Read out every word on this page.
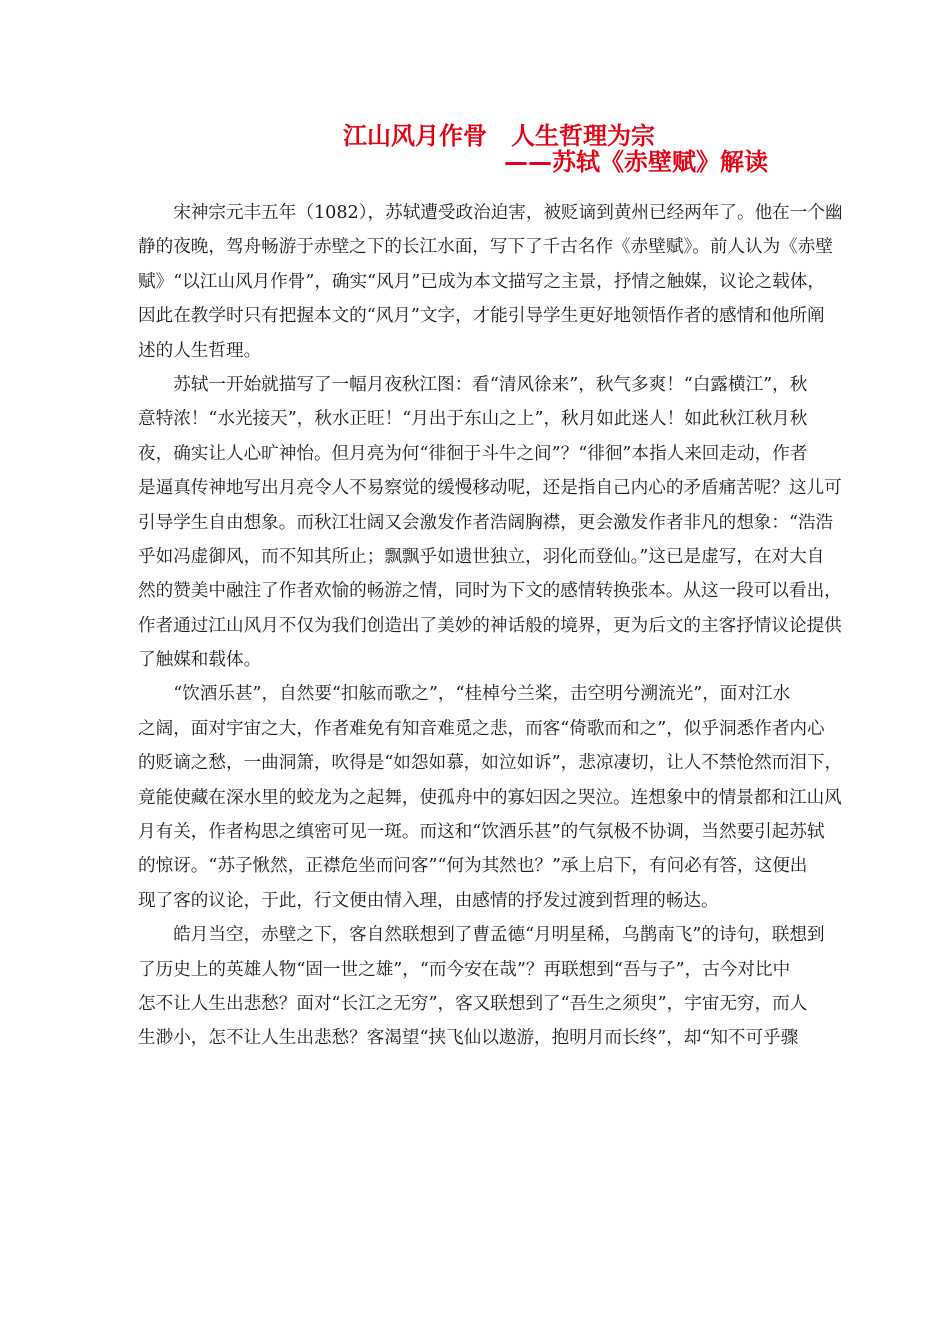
江山风月作骨　人生哲理为宗
——苏轼《赤壁赋》解读
　　宋神宗元丰五年（1082），苏轼遭受政治迫害，被贬谪到黄州已经两年了。他在一个幽
静的夜晚，驾舟畅游于赤壁之下的长江水面，写下了千古名作《赤壁赋》。前人认为《赤壁
赋》“以江山风月作骨”，确实“风月”已成为本文描写之主景，抒情之触媒，议论之载体，
因此在教学时只有把握本文的“风月”文字，才能引导学生更好地领悟作者的感情和他所阐
述的人生哲理。
　　苏轼一开始就描写了一幅月夜秋江图：看“清风徐来”，秋气多爽！“白露横江”，秋
意特浓！“水光接天”，秋水正旺！“月出于东山之上”，秋月如此迷人！如此秋江秋月秋
夜，确实让人心旷神怡。但月亮为何“徘徊于斗牛之间”？“徘徊”本指人来回走动，作者
是逼真传神地写出月亮令人不易察觉的缓慢移动呢，还是指自己内心的矛盾痛苦呢？这儿可
引导学生自由想象。而秋江壮阔又会激发作者浩阔胸襟，更会激发作者非凡的想象：“浩浩
乎如冯虚御风，而不知其所止；飘飘乎如遗世独立，羽化而登仙。”这已是虚写，在对大自
然的赞美中融注了作者欢愉的畅游之情，同时为下文的感情转换张本。从这一段可以看出，
作者通过江山风月不仅为我们创造出了美妙的神话般的境界，更为后文的主客抒情议论提供
了触媒和载体。
　　“饮酒乐甚”，自然要“扣舷而歌之”，“桂棹兮兰桨，击空明兮溯流光”，面对江水
之阔，面对宇宙之大，作者难免有知音难觅之悲，而客“倚歌而和之”，似乎洞悉作者内心
的贬谪之愁，一曲洞箫，吹得是“如怨如慕，如泣如诉”，悲凉凄切，让人不禁怆然而泪下，
竟能使藏在深水里的蛟龙为之起舞，使孤舟中的寡妇因之哭泣。连想象中的情景都和江山风
月有关，作者构思之缜密可见一斑。而这和“饮酒乐甚”的气氛极不协调，当然要引起苏轼
的惊讶。“苏子愀然，正襟危坐而问客”“何为其然也？”承上启下，有问必有答，这便出
现了客的议论，于此，行文便由情入理，由感情的抒发过渡到哲理的畅达。
　　皓月当空，赤壁之下，客自然联想到了曹孟德“月明星稀，乌鹊南飞”的诗句，联想到
了历史上的英雄人物“固一世之雄”，“而今安在哉”？再联想到“吾与子”，古今对比中
怎不让人生出悲愁？面对“长江之无穷”，客又联想到了“吾生之须臾”，宇宙无穷，而人
生渺小，怎不让人生出悲愁？客渴望“挟飞仙以遨游，抱明月而长终”，却“知不可乎骤
